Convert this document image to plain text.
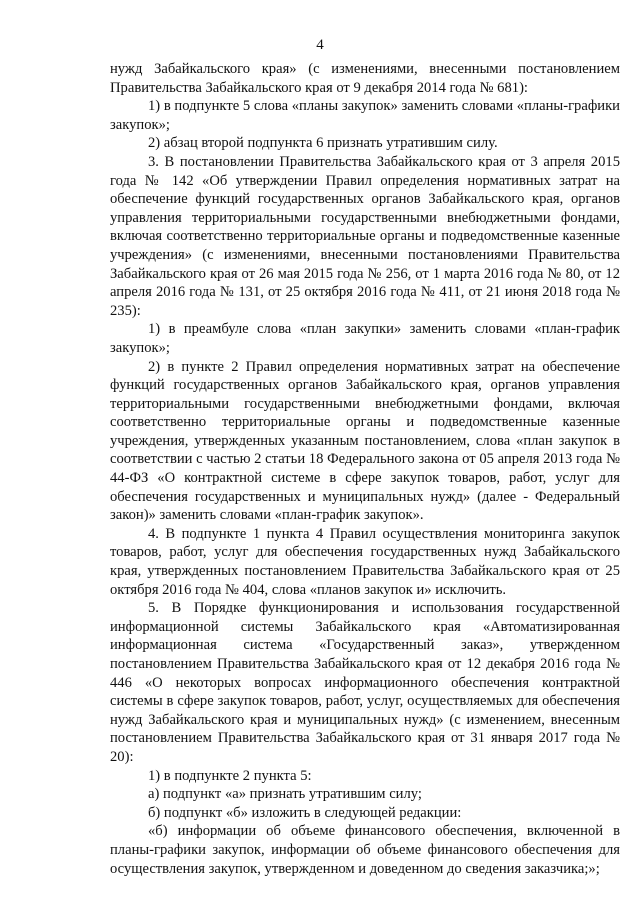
4

нужд Забайкальского края» (с изменениями, внесенными постановлением Правительства Забайкальского края от 9 декабря 2014 года № 681):

1) в подпункте 5 слова «планы закупок» заменить словами «планы-графики закупок»;

2) абзац второй подпункта 6 признать утратившим силу.

3. В постановлении Правительства Забайкальского края от 3 апреля 2015 года № 142 «Об утверждении Правил определения нормативных затрат на обеспечение функций государственных органов Забайкальского края, органов управления территориальными государственными внебюджетными фондами, включая соответственно территориальные органы и подведомственные казенные учреждения» (с изменениями, внесенными постановлениями Правительства Забайкальского края от 26 мая 2015 года № 256, от 1 марта 2016 года № 80, от 12 апреля 2016 года № 131, от 25 октября 2016 года № 411, от 21 июня 2018 года № 235):

1) в преамбуле слова «план закупки» заменить словами «план-график закупок»;

2) в пункте 2 Правил определения нормативных затрат на обеспечение функций государственных органов Забайкальского края, органов управления территориальными государственными внебюджетными фондами, включая соответственно территориальные органы и подведомственные казенные учреждения, утвержденных указанным постановлением, слова «план закупок в соответствии с частью 2 статьи 18 Федерального закона от 05 апреля 2013 года № 44-ФЗ «О контрактной системе в сфере закупок товаров, работ, услуг для обеспечения государственных и муниципальных нужд» (далее - Федеральный закон)» заменить словами «план-график закупок».

4. В подпункте 1 пункта 4 Правил осуществления мониторинга закупок товаров, работ, услуг для обеспечения государственных нужд Забайкальского края, утвержденных постановлением Правительства Забайкальского края от 25 октября 2016 года № 404, слова «планов закупок и» исключить.

5. В Порядке функционирования и использования государственной информационной системы Забайкальского края «Автоматизированная информационная система «Государственный заказ», утвержденном постановлением Правительства Забайкальского края от 12 декабря 2016 года № 446 «О некоторых вопросах информационного обеспечения контрактной системы в сфере закупок товаров, работ, услуг, осуществляемых для обеспечения нужд Забайкальского края и муниципальных нужд» (с изменением, внесенным постановлением Правительства Забайкальского края от 31 января 2017 года № 20):

1) в подпункте 2 пункта 5:

а) подпункт «а» признать утратившим силу;

б) подпункт «б» изложить в следующей редакции:

«б) информации об объеме финансового обеспечения, включенной в планы-графики закупок, информации об объеме финансового обеспечения для осуществления закупок, утвержденном и доведенном до сведения заказчика;»;
